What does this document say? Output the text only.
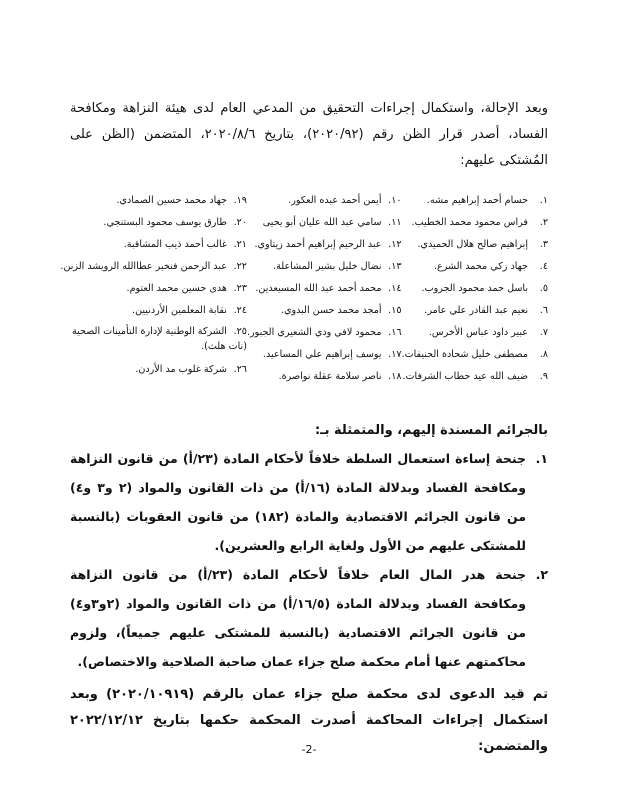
وبعد الإحالة، واستكمال إجراءات التحقيق من المدعي العام لدى هيئة النزاهة ومكافحة الفساد، أصدر قرار الظن رقم (٢٠٢٠/٩٢)، بتاريخ ٢٠٢٠/٨/٦، المتضمن (الظن على المُشتكى عليهم:

١.حسام أحمد إبراهيم مشه.
٢.فراس محمود محمد الخطيب.
٣.إبراهيم صالح هلال الحميدي.
٤.جهاد زكي محمد الشرع.
٥.باسل حمد محمود الجروب.
٦.نعيم عبد القادر علي عامر.
٧.عبير داود عباس الأخرس.
٨.مصطفى خليل شحادة الحنيفات.
٩.ضيف الله عيد حطاب الشرفات.
١٠.أيمن أحمد عبده العكور.
١١.سامي عبد الله عليان أبو يحيى
١٢.عبد الرحيم إبراهيم أحمد زيتاوي.
١٣.نضال خليل بشير المشاعلة.
١٤.محمد أحمد عبد الله المسيعدين.
١٥.أمجد محمد حسن البدوي.
١٦.محمود لافي ودي الشعيري الجبور.
١٧.يوسف إبراهيم علي المساعيد.
١٨.ناصر سلامة عقلة نواصرة.
١٩.جهاد محمد حسين الصمادي.
٢٠.طارق يوسف محمود البستنجي.
٢١.غالب أحمد ذيب المشاقبة.
٢٢.عبد الرحمن فنخير عطاالله الرويشد الزبن.
٢٣.هدى حسين محمد العتوم.
٢٤.نقابة المعلمين الأردنيين.
٢٥.الشركة الوطنية لإدارة التأمينات الصحية (نات هلث).
٢٦.شركة غلوب مد الأردن.
بالجرائم المسندة إليهم، والمتمثلة بـ:
١.
جنحة إساءة استعمال السلطة خلافاً لأحكام المادة (٢٣/أ) من قانون النزاهة ومكافحة الفساد وبدلالة المادة (١٦/أ) من ذات القانون والمواد (٢ و٣ و٤) من قانون الجرائم الاقتصادية والمادة (١٨٢) من قانون العقوبات (بالنسبة للمشتكى عليهم من الأول ولغاية الرابع والعشرين).
٢.
جنحة هدر المال العام خلافاً لأحكام المادة (٢٣/أ) من قانون النزاهة ومكافحة الفساد وبدلالة المادة (١٦/٥/أ) من ذات القانون والمواد (٢و٣و٤) من قانون الجرائم الاقتصادية (بالنسبة للمشتكى عليهم جميعاً)، ولزوم محاكمتهم عنها أمام محكمة صلح جزاء عمان صاحبة الصلاحية والاختصاص).

تم قيد الدعوى لدى محكمة صلح جزاء عمان بالرقم (٢٠٢٠/١٠٩١٩) وبعد استكمال إجراءات المحاكمة أصدرت المحكمة حكمها بتاريخ ٢٠٢٢/١٢/١٢ والمتضمن:

-2-
